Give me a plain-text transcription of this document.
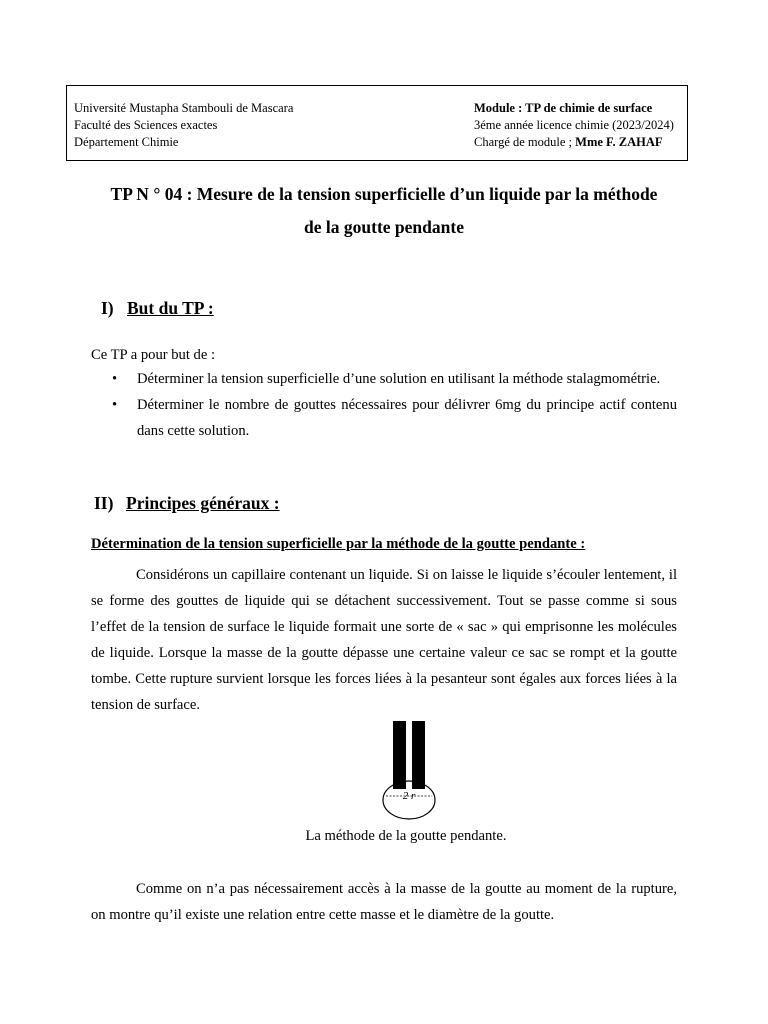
Université Mustapha Stambouli de Mascara
Faculté des Sciences exactes
Département Chimie
Module : TP de chimie de surface
3éme année licence chimie (2023/2024)
Chargé de module ; Mme F. ZAHAF
TP N ° 04 : Mesure de la tension superficielle d’un liquide par la méthode
de la goutte pendante
I) But du TP :
Ce TP a pour but de :
• Déterminer la tension superficielle d’une solution en utilisant la méthode stalagmométrie.
• Déterminer le nombre de gouttes nécessaires pour délivrer 6mg du principe actif contenu dans cette solution.
II) Principes généraux :
Détermination de la tension superficielle par la méthode de la goutte pendante :
Considérons un capillaire contenant un liquide. Si on laisse le liquide s’écouler lentement, il se forme des gouttes de liquide qui se détachent successivement. Tout se passe comme si sous l’effet de la tension de surface le liquide formait une sorte de « sac » qui emprisonne les molécules de liquide. Lorsque la masse de la goutte dépasse une certaine valeur ce sac se rompt et la goutte tombe. Cette rupture survient lorsque les forces liées à la pesanteur sont égales aux forces liées à la tension de surface.
2 r
La méthode de la goutte pendante.
Comme on n’a pas nécessairement accès à la masse de la goutte au moment de la rupture, on montre qu’il existe une relation entre cette masse et le diamètre de la goutte.
